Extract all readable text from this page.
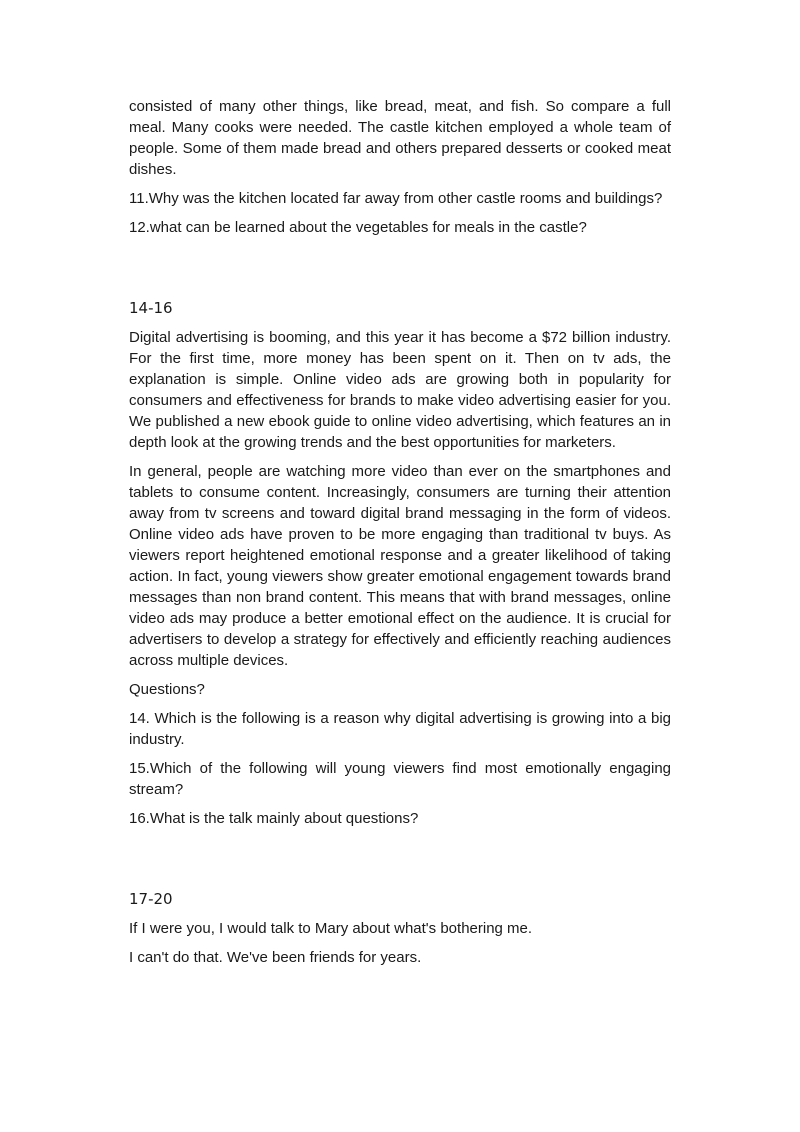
consisted of many other things, like bread, meat, and fish. So compare a full meal. Many cooks were needed. The castle kitchen employed a whole team of people. Some of them made bread and others prepared desserts or cooked meat dishes.

11.Why was the kitchen located far away from other castle rooms and buildings?

12.what can be learned about the vegetables for meals in the castle?

14-16

Digital advertising is booming, and this year it has become a $72 billion industry. For the first time, more money has been spent on it. Then on tv ads, the explanation is simple. Online video ads are growing both in popularity for consumers and effectiveness for brands to make video advertising easier for you. We published a new ebook guide to online video advertising, which features an in depth look at the growing trends and the best opportunities for marketers.

In general, people are watching more video than ever on the smartphones and tablets to consume content. Increasingly, consumers are turning their attention away from tv screens and toward digital brand messaging in the form of videos. Online video ads have proven to be more engaging than traditional tv buys. As viewers report heightened emotional response and a greater likelihood of taking action. In fact, young viewers show greater emotional engagement towards brand messages than non brand content. This means that with brand messages, online video ads may produce a better emotional effect on the audience. It is crucial for advertisers to develop a strategy for effectively and efficiently reaching audiences across multiple devices.

Questions?

14. Which is the following is a reason why digital advertising is growing into a big industry.

15.Which of the following will young viewers find most emotionally engaging stream?

16.What is the talk mainly about questions?

17-20

If I were you, I would talk to Mary about what's bothering me.

I can't do that. We've been friends for years.
